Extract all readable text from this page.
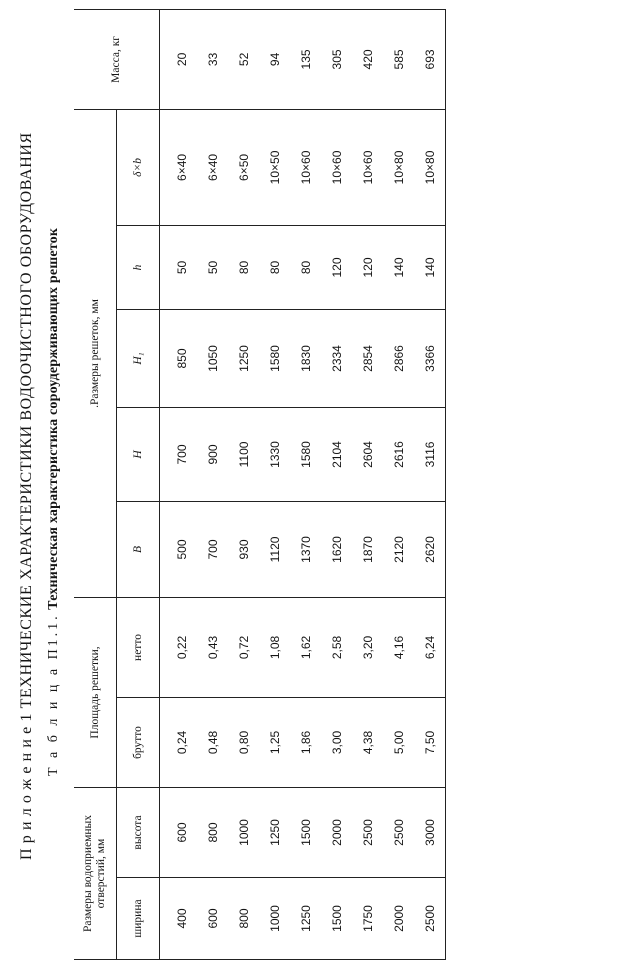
П р и л о ж е н и е 1 ТЕХНИЧЕСКИЕ ХАРАКТЕРИСТИКИ ВОДООЧИСТНОГО ОБОРУДОВАНИЯ Т а б л и ц а П1.1. Техническая характеристика сороудерживающих решеток
Размеры водоприемных отверстий, мм		Площадь решетки,		.Размеры решеток, мм					Масса, кг
ширина	высота	брутто	нетто	B	H	H₁	h	δ×b	
400	600	0,24	0,22	500	700	850	50	6×40	20
600	800	0,48	0,43	700	900	1050	50	6×40	33
800	1000	0,80	0,72	930	1100	1250	80	6×50	52
1000	1250	1,25	1,08	1120	1330	1580	80	10×50	94
1250	1500	1,86	1,62	1370	1580	1830	80	10×60	135
1500	2000	3,00	2,58	1620	2104	2334	120	10×60	305
1750	2500	4,38	3,20	1870	2604	2854	120	10×60	420
2000	2500	5,00	4,16	2120	2616	2866	140	10×80	585
2500	3000	7,50	6,24	2620	3116	3366	140	10×80	693
